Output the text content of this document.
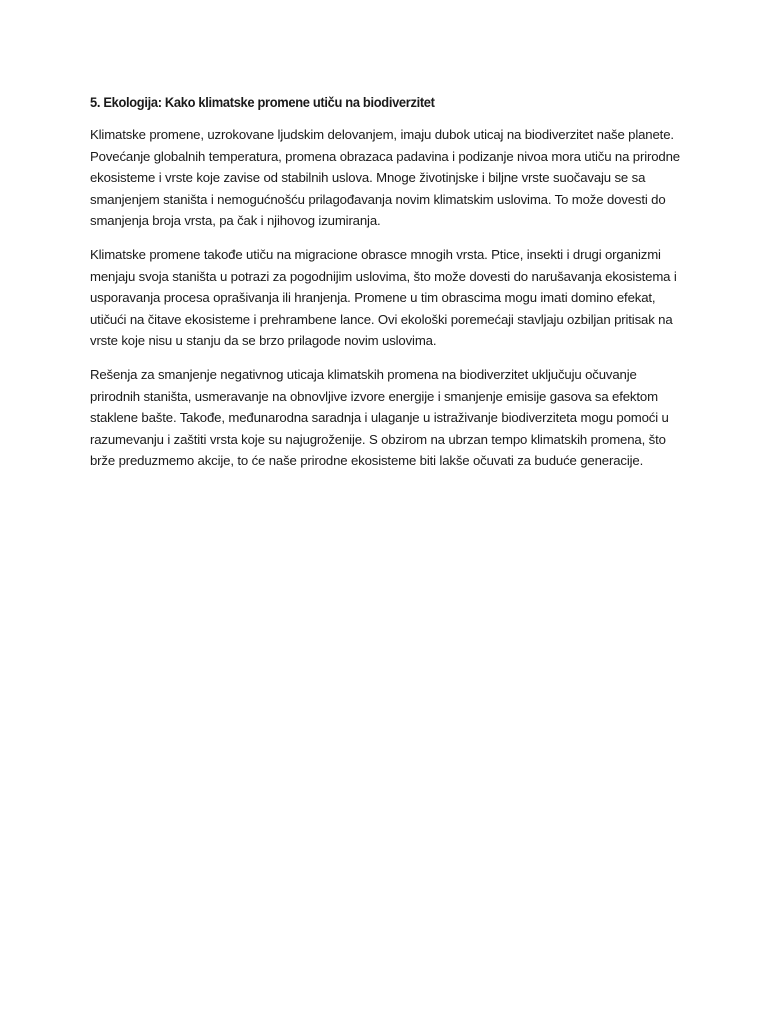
5. Ekologija: Kako klimatske promene utiču na biodiverzitet

Klimatske promene, uzrokovane ljudskim delovanjem, imaju dubok uticaj na biodiverzitet naše planete. Povećanje globalnih temperatura, promena obrazaca padavina i podizanje nivoa mora utiču na prirodne ekosisteme i vrste koje zavise od stabilnih uslova. Mnoge životinjske i biljne vrste suočavaju se sa smanjenjem staništa i nemogućnošću prilagođavanja novim klimatskim uslovima. To može dovesti do smanjenja broja vrsta, pa čak i njihovog izumiranja.

Klimatske promene takođe utiču na migracione obrasce mnogih vrsta. Ptice, insekti i drugi organizmi menjaju svoja staništa u potrazi za pogodnijim uslovima, što može dovesti do narušavanja ekosistema i usporavanja procesa oprašivanja ili hranjenja. Promene u tim obrascima mogu imati domino efekat, utičući na čitave ekosisteme i prehrambene lance. Ovi ekološki poremećaji stavljaju ozbiljan pritisak na vrste koje nisu u stanju da se brzo prilagode novim uslovima.

Rešenja za smanjenje negativnog uticaja klimatskih promena na biodiverzitet uključuju očuvanje prirodnih staništa, usmeravanje na obnovljive izvore energije i smanjenje emisije gasova sa efektom staklene bašte. Takođe, međunarodna saradnja i ulaganje u istraživanje biodiverziteta mogu pomoći u razumevanju i zaštiti vrsta koje su najugroženije. S obzirom na ubrzan tempo klimatskih promena, što brže preduzmemo akcije, to će naše prirodne ekosisteme biti lakše očuvati za buduće generacije.
